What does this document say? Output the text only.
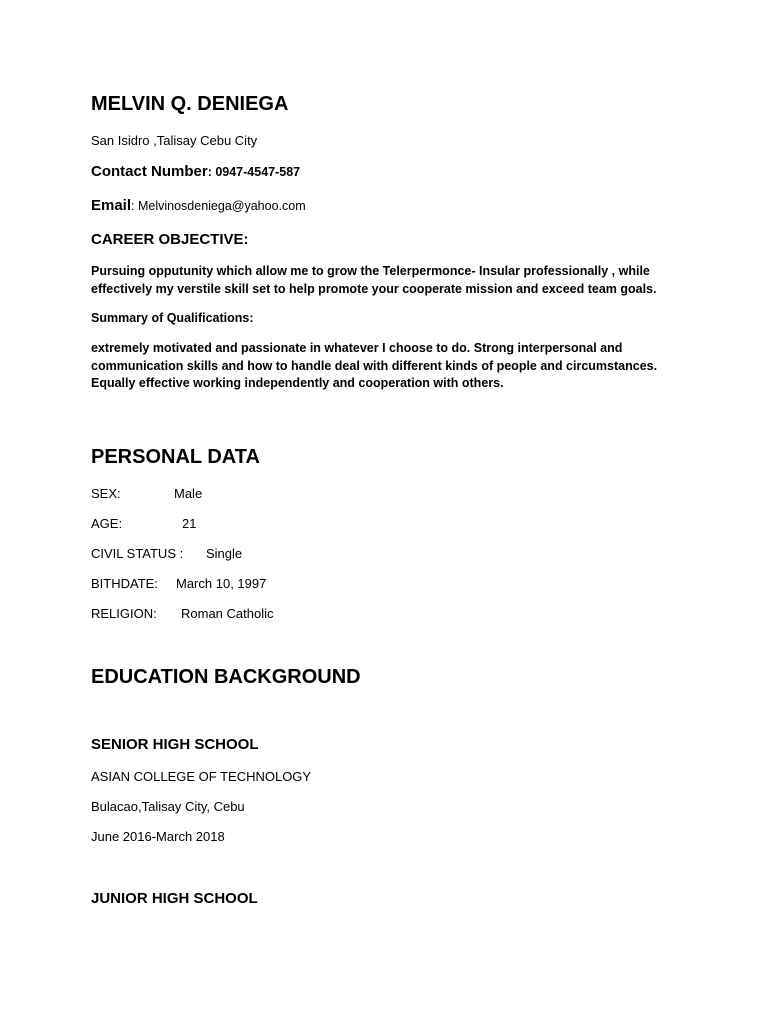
MELVIN Q. DENIEGA
San Isidro ,Talisay Cebu City
Contact Number: 0947-4547-587
Email: Melvinosdeniega@yahoo.com
CAREER OBJECTIVE:
Pursuing opputunity which allow me to grow the Telerpermonce- Insular professionally , while effectively my verstile skill set to help promote your cooperate mission and exceed team goals.
Summary of Qualifications:
extremely motivated and passionate in whatever I choose to do. Strong interpersonal and communication skills and how to handle deal with different kinds of people and circumstances. Equally effective working independently and cooperation with others.
PERSONAL DATA
SEX:	Male
AGE:	21
CIVIL STATUS : Single
BITHDATE: March 10, 1997
RELIGION: Roman Catholic
EDUCATION BACKGROUND
SENIOR HIGH SCHOOL
ASIAN COLLEGE OF TECHNOLOGY
Bulacao,Talisay City, Cebu
June 2016-March 2018
JUNIOR HIGH SCHOOL
